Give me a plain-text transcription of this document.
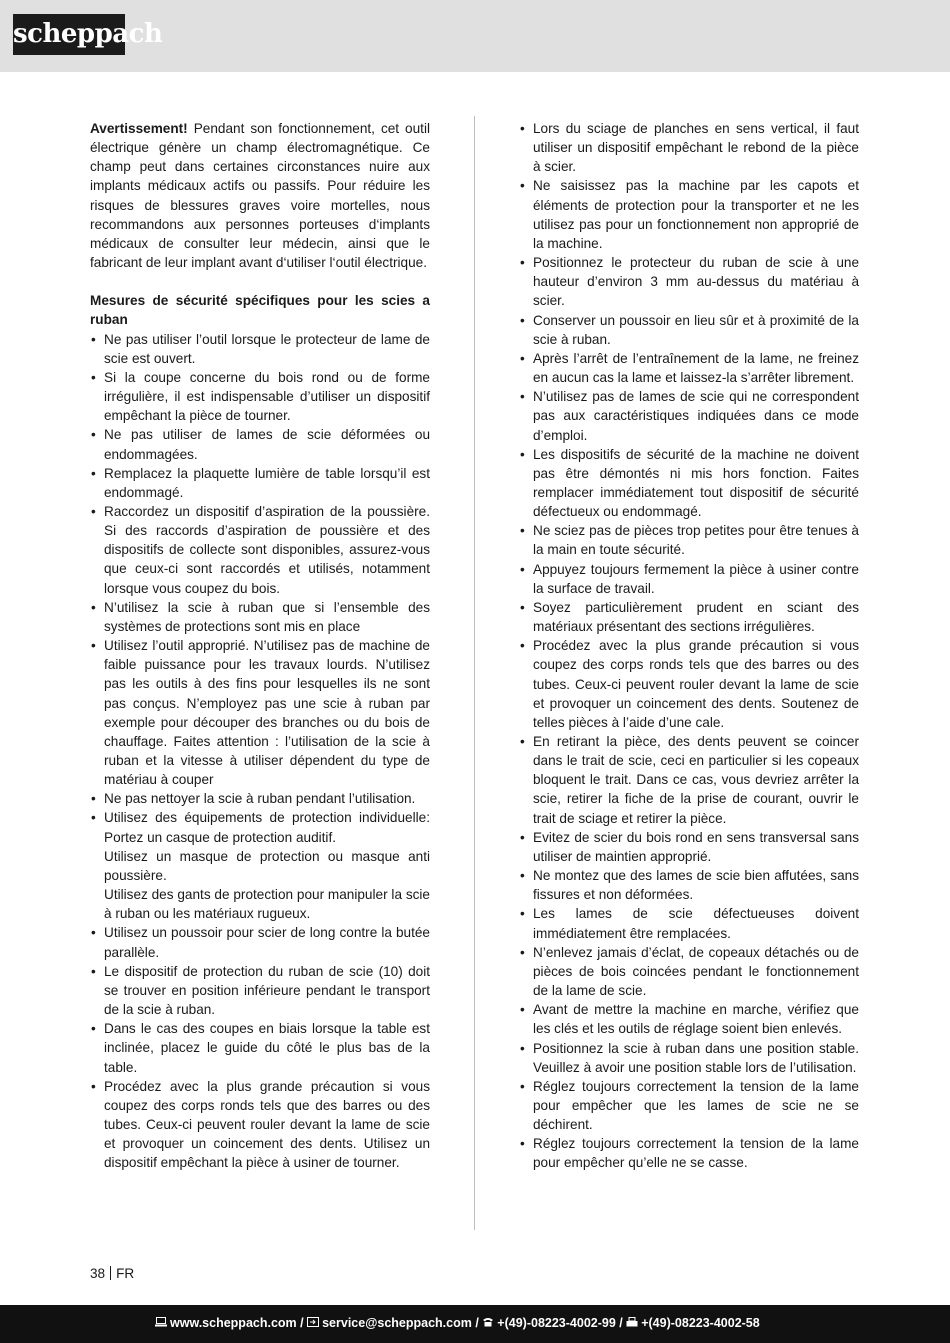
scheppach

Avertissement! Pendant son fonctionnement, cet outil électrique génère un champ électromagnétique. Ce champ peut dans certaines circonstances nuire aux implants médicaux actifs ou passifs. Pour réduire les risques de blessures graves voire mortelles, nous recommandons aux personnes porteuses d‘implants médicaux de consulter leur médecin, ainsi que le fabricant de leur implant avant d‘utiliser l‘outil électrique.

Mesures de sécurité spécifiques pour les scies a ruban
• Ne pas utiliser l’outil lorsque le protecteur de lame de scie est ouvert.
• Si la coupe concerne du bois rond ou de forme irrégulière, il est indispensable d’utiliser un dispositif empêchant la pièce de tourner.
• Ne pas utiliser de lames de scie déformées ou endommagées.
• Remplacez la plaquette lumière de table lorsqu’il est endommagé.
• Raccordez un dispositif d’aspiration de la poussière. Si des raccords d’aspiration de poussière et des dispositifs de collecte sont disponibles, assurez-vous que ceux-ci sont raccordés et utilisés, notamment lorsque vous coupez du bois.
• N’utilisez la scie à ruban que si l’ensemble des systèmes de protections sont mis en place
• Utilisez l’outil approprié. N’utilisez pas de machine de faible puissance pour les travaux lourds. N’utilisez pas les outils à des fins pour lesquelles ils ne sont pas conçus. N’employez pas une scie à ruban par exemple pour découper des branches ou du bois de chauffage. Faites attention : l’utilisation de la scie à ruban et la vitesse à utiliser dépendent du type de matériau à couper
• Ne pas nettoyer la scie à ruban pendant l’utilisation.
• Utilisez des équipements de protection individuelle: Portez un casque de protection auditif.
Utilisez un masque de protection ou masque anti poussière.
Utilisez des gants de protection pour manipuler la scie à ruban ou les matériaux rugueux.
• Utilisez un poussoir pour scier de long contre la butée parallèle.
• Le dispositif de protection du ruban de scie (10) doit se trouver en position inférieure pendant le transport de la scie à ruban.
• Dans le cas des coupes en biais lorsque la table est inclinée, placez le guide du côté le plus bas de la table.
• Procédez avec la plus grande précaution si vous coupez des corps ronds tels que des barres ou des tubes. Ceux-ci peuvent rouler devant la lame de scie et provoquer un coincement des dents. Utilisez un dispositif empêchant la pièce à usiner de tourner.
• Lors du sciage de planches en sens vertical, il faut utiliser un dispositif empêchant le rebond de la pièce à scier.
• Ne saisissez pas la machine par les capots et éléments de protection pour la transporter et ne les utilisez pas pour un fonctionnement non approprié de la machine.
• Positionnez le protecteur du ruban de scie à une hauteur d’environ 3 mm au-dessus du matériau à scier.
• Conserver un poussoir en lieu sûr et à proximité de la scie à ruban.
• Après l’arrêt de l’entraînement de la lame, ne freinez en aucun cas la lame et laissez-la s’arrêter librement.
• N’utilisez pas de lames de scie qui ne correspondent pas aux caractéristiques indiquées dans ce mode d’emploi.
• Les dispositifs de sécurité de la machine ne doivent pas être démontés ni mis hors fonction. Faites remplacer immédiatement tout dispositif de sécurité défectueux ou endommagé.
• Ne sciez pas de pièces trop petites pour être tenues à la main en toute sécurité.
• Appuyez toujours fermement la pièce à usiner contre la surface de travail.
• Soyez particulièrement prudent en sciant des matériaux présentant des sections irrégulières.
• Procédez avec la plus grande précaution si vous coupez des corps ronds tels que des barres ou des tubes. Ceux-ci peuvent rouler devant la lame de scie et provoquer un coincement des dents. Soutenez de telles pièces à l’aide d’une cale.
• En retirant la pièce, des dents peuvent se coincer dans le trait de scie, ceci en particulier si les copeaux bloquent le trait. Dans ce cas, vous devriez arrêter la scie, retirer la fiche de la prise de courant, ouvrir le trait de sciage et retirer la pièce.
• Evitez de scier du bois rond en sens transversal sans utiliser de maintien approprié.
• Ne montez que des lames de scie bien affutées, sans fissures et non déformées.
• Les lames de scie défectueuses doivent immédiatement être remplacées.
• N’enlevez jamais d’éclat, de copeaux détachés ou de pièces de bois coincées pendant le fonctionnement de la lame de scie.
• Avant de mettre la machine en marche, vérifiez que les clés et les outils de réglage soient bien enlevés.
• Positionnez la scie à ruban dans une position stable. Veuillez à avoir une position stable lors de l’utilisation.
• Réglez toujours correctement la tension de la lame pour empêcher que les lames de scie ne se déchirent.
• Réglez toujours correctement la tension de la lame pour empêcher qu’elle ne se casse.
38 FR
www.scheppach.com / service@scheppach.com / +(49)-08223-4002-99 / +(49)-08223-4002-58
